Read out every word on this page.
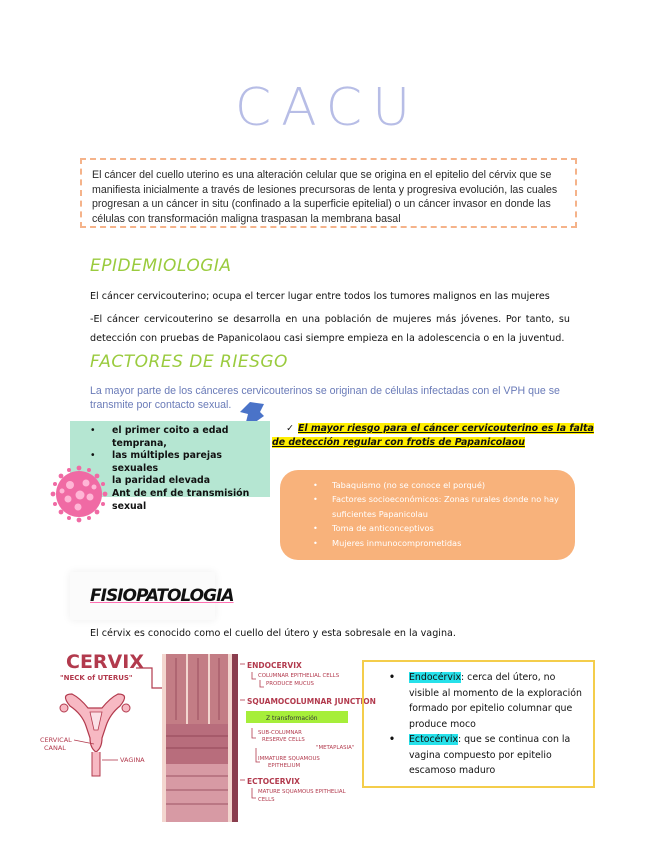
CACU
El cáncer del cuello uterino es una alteración celular que se origina en el epitelio del cérvix que se manifiesta inicialmente a través de lesiones precursoras de lenta y progresiva evolución, las cuales progresan a un cáncer in situ (confinado a la superficie epitelial) o un cáncer invasor en donde las células con transformación maligna traspasan la membrana basal
EPIDEMIOLOGIA
El cáncer cervicouterino; ocupa el tercer lugar entre todos los tumores malignos en las mujeres
-El cáncer cervicouterino se desarrolla en una población de mujeres más jóvenes. Por tanto, su detección con pruebas de Papanicolaou casi siempre empieza en la adolescencia o en la juventud.
FACTORES DE RIESGO
La mayor parte de los cánceres cervicouterinos se originan de células infectadas con el VPH que se transmite por contacto sexual.
• el primer coito a edad temprana,
• las múltiples parejas sexuales
• la paridad elevada
• Ant de enf de transmisión sexual
✓ El mayor riesgo para el cáncer cervicouterino es la falta de detección regular con frotis de Papanicolaou
• Tabaquismo (no se conoce el porqué)
• Factores socioeconómicos: Zonas rurales donde no hay suficientes Papanicolau
• Toma de anticonceptivos
• Mujeres inmunocomprometidas
FISIOPATOLOGIA
El cérvix es conocido como el cuello del útero y esta sobresale en la vagina.
CERVIX
"NECK of UTERUS"
CERVICAL
CANAL
VAGINA
ENDOCERVIX
COLUMNAR EPITHELIAL CELLS
PRODUCE MUCUS
SQUAMOCOLUMNAR JUNCTION
Z transformación
SUB-COLUMNAR
RESERVE CELLS
"METAPLASIA"
IMMATURE SQUAMOUS
EPITHELIUM
ECTOCERVIX
MATURE SQUAMOUS EPITHELIAL
CELLS
• Endocérvix: cerca del útero, no visible al momento de la exploración formado por epitelio columnar que produce moco
• Ectocérvix: que se continua con la vagina compuesto por epitelio escamoso maduro
